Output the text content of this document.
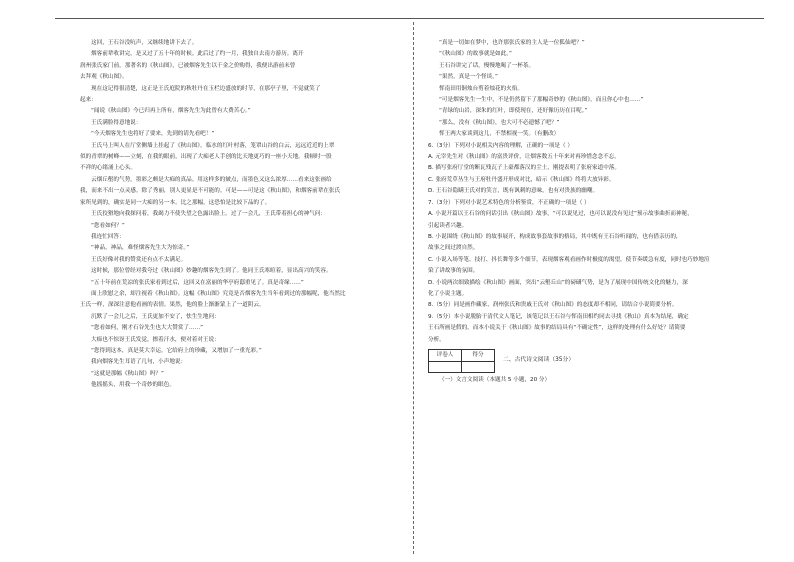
这回，王石谷没吭声，又继续地讲下去了。

烟客前辈收讲完，是又过了五十年的时候。此后过了约一月，我独自去南方游历。离开

润州张氏家门前，那著名的《秋山图》，已被烟客先生以千金之价购得，我便出游前未曾

去拜观《秋山图》。

现在这记得很清楚，这正是王氏庭院的秋牡丹在玉栏边盛放的时节，在那亭子里，不觉就笑了

起来：

“闻说《秋山图》今已归再上所有，烟客先生为此曾有大费苦心。”

王氏满脸得意地说：

“今天烟客先生也将好了要来，先到的请先看吧！”

王氏马上叫人在厅堂侧墙上挂起了《秋山图》。临水的红叶村落，笼罩山谷的白云，远远近近的上翠

似的青翠的树峰——立刻，在我的眼前，出现了大痴老人手创的比天地更巧的一座小天地。我顿时一股

不祥的心绪涌上心头。

云烟丘壑的气势，墨彩之颇是大痴的真品。用这样多的皴点，而墨色又这么浓厚……看来这张画给

我，而来不出一点灵感。除了秀丽，别人更显是不可能的。可是——可是这《秋山图》，和烟客前辈在张氏

家所见到的，确实是同一大痴的另一本。比之那幅，这恐怕是比较下品的了。

王氏狡猾地向我探问着，我竭力不使失望之色露出脸上。过了一会儿，王氏带着担心的神气问：

“您看如何？”

我连忙回答：

“神品，神品，难怪烟客先生大为惊奇。”

王氏好像对我的赞赏还有点不太满足。

这时候，那位曾经对我夸过《秋山图》妙趣的烟客先生到了。他同王氏寒暄着，显出高兴的笑容。

“五十年前在荒凉的张氏家看到过后，这回又在富丽的华亭府邸重见了。真是奇缘……”

面上欣慰之余，却注视着《秋山图》。这幅《秋山图》究竟是否烟客先生当年看到过的那幅呢，他当然比

王氏一样，深深注意他看画的表情。果然，他的脸上渐渐蒙上了一道阴云。

沉默了一会儿之后，王氏更加不安了，怯生生地问：

“您看如何，刚才石谷先生也大大赞赏了……”

大痴也不惊讶王氏发觉，擦着汗水，便对着对王说：

“您得到这本，真是莫大幸运。它给府上的珍藏，又增加了一重光彩。”

我向烟客先生耳语了几句，小声地说：

“这就是那幅《秋山图》吗？”

他摇摇头，用我一个奇妙的眼色。

“真是一切如在梦中，也许那张氏家的主人是一位狐仙吧？”

“《秋山图》的故事就是如此。”

王石谷讲完了话，慢慢地喝了一杯茶。

“果然，真是一个怪谈。”

恽南田用铜烛台剪着烛花的火焰。

“可是烟客先生一生中，不是仍然留下了那幅奇妙的《秋山图》，而且你心中也……”

“青绿的山岩，深朱的红叶，即使现在，还好像历历在目呢。”

“那么，没有《秋山图》，也大可不必遗憾了吧？”

恽王两大家谈到这儿，不禁相视一笑。（有删改）

6.（3分）下列对小说相关内容的理解，正确的一项是（ ）

A. 元宰先生对《秋山图》的富贵评价，让烟客数五十年来对再珍惜念念不忘。

B. 描写张府厅堂的断瓦残瓦子上豪都落汉的尘土，刚提表明了张府家道中落。

C. 张府荒草丛生与王府牡丹盛开形成对比，暗示《秋山图》终将大放异彩。

D. 王石谷隐瞒王氏对的笑言，既有讽刺的意味，也有对贵族的幽嘲。

7.（3分）下列对小说艺术特色的分析鉴赏，不正确的一项是（ ）

A. 小说开篇以王石谷的问话引出《秋山图》故事，“可以说见过，也可以说没有见过”预示故事曲折而神秘，

引起读者兴趣。

B. 小说围绕《秋山图》的故事展开，构成故事套故事的格局，其中既有王石谷听闻的，也有借亲历的，

故事之间过渡自然。

C. 小说入场等笔、技打、抖长舞等多个细节，表现烟客观看画作时极度的渴望，使节奏缓急有度，同时也巧妙地渲

染了讲故事的氛围。

D. 小说两次细致描绘《秋山图》画面，突出“云壑丘山”的磅礴气势，是为了展现中国传统文化的魅力，深

化了小说主题。

8.（5分）同是画作藏家，润州张氏和贵戚王氏对《秋山图》的态度却不相同，请结合小说简要分析。

9.（5分）本小说脱胎于清代文人笔记，该笔记以王石谷与恽南田相约同去寻找《秋山》真本为结尾，确定

王石所画是假的，而本小说关于《秋山图》故事的结局具有“不确定性”，这样的处理有什么好处？请简要

分析。

评卷人	得分

二、古代诗文阅读（35分）

（一）文言文阅读（本题共 5 小题，20 分）
